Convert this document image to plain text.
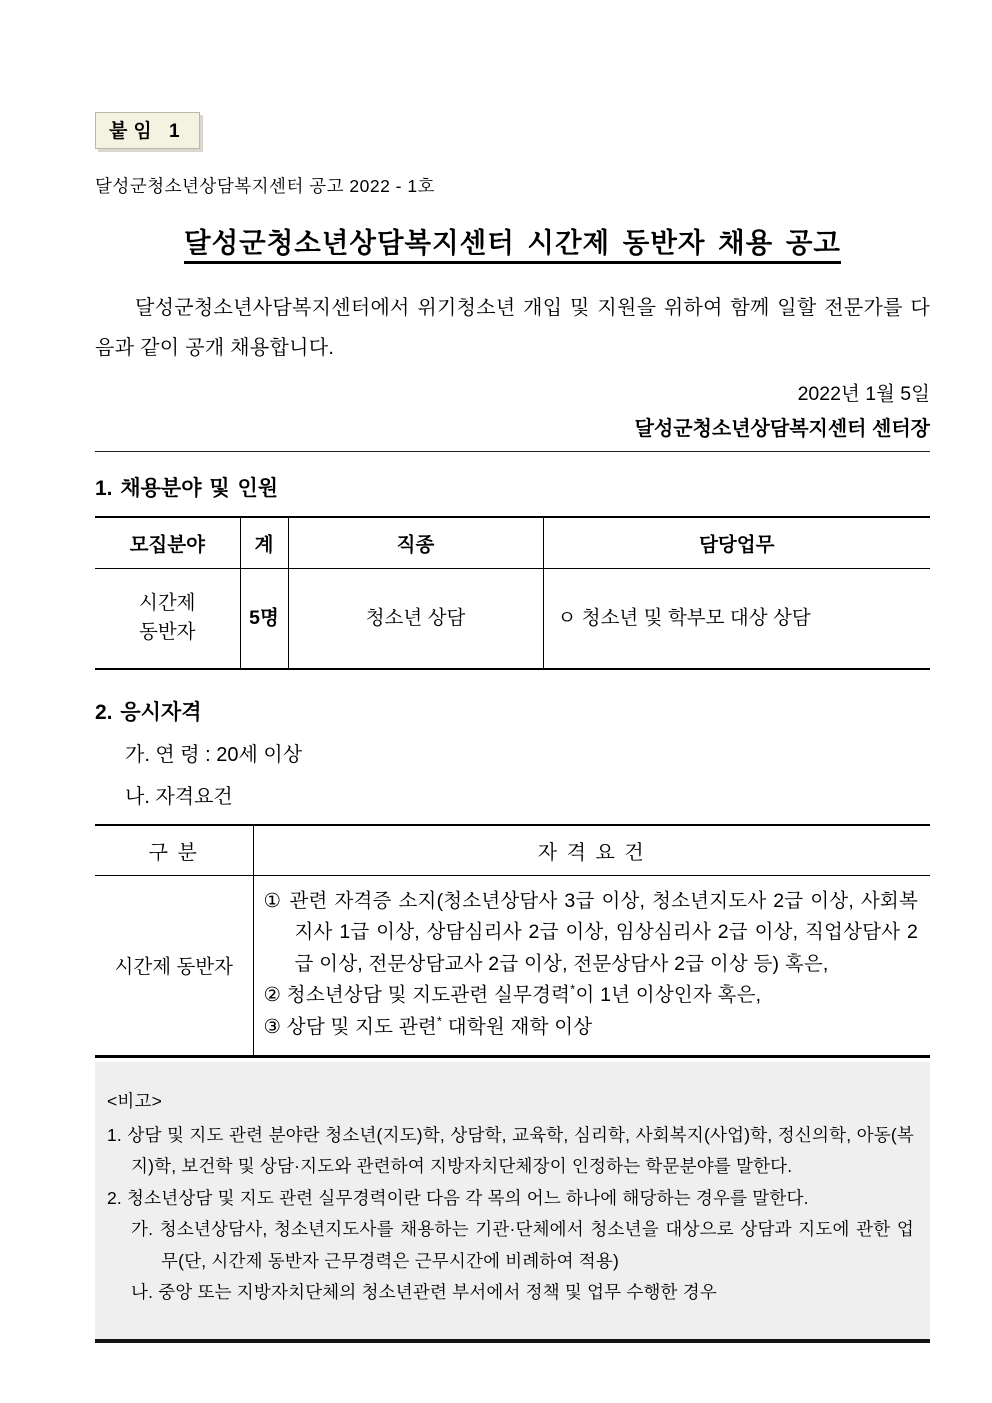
붙임 1
달성군청소년상담복지센터 공고 2022 - 1호
달성군청소년상담복지센터 시간제 동반자 채용 공고

달성군청소년사담복지센터에서 위기청소년 개입 및 지원을 위하여 함께 일할 전문가를 다음과 같이 공개 채용합니다.

2022년 1월 5일
달성군청소년상담복지센터 센터장
1. 채용분야 및 인원
모집분야	계	직종	담당업무

시간제
동반자	5명	청소년 상담	ㅇ 청소년 및 학부모 대상 상담
2. 응시자격
가. 연 령 : 20세 이상
나. 자격요건
구 분	자 격 요 건
시간제 동반자	① 관련 자격증 소지(청소년상담사 3급 이상, 청소년지도사 2급 이상, 사회복지사 1급 이상, 상담심리사 2급 이상, 임상심리사 2급 이상, 직업상담사 2급 이상, 전문상담교사 2급 이상, 전문상담사 2급 이상 등) 혹은,
② 청소년상담 및 지도관련 실무경력*이 1년 이상인자 혹은,
③ 상담 및 지도 관련* 대학원 재학 이상
<비고>
1. 상담 및 지도 관련 분야란 청소년(지도)학, 상담학, 교육학, 심리학, 사회복지(사업)학, 정신의학, 아동(복지)학, 보건학 및 상담·지도와 관련하여 지방자치단체장이 인정하는 학문분야를 말한다.
2. 청소년상담 및 지도 관련 실무경력이란 다음 각 목의 어느 하나에 해당하는 경우를 말한다.
가. 청소년상담사, 청소년지도사를 채용하는 기관·단체에서 청소년을 대상으로 상담과 지도에 관한 업무(단, 시간제 동반자 근무경력은 근무시간에 비례하여 적용)
나. 중앙 또는 지방자치단체의 청소년관련 부서에서 정책 및 업무 수행한 경우
